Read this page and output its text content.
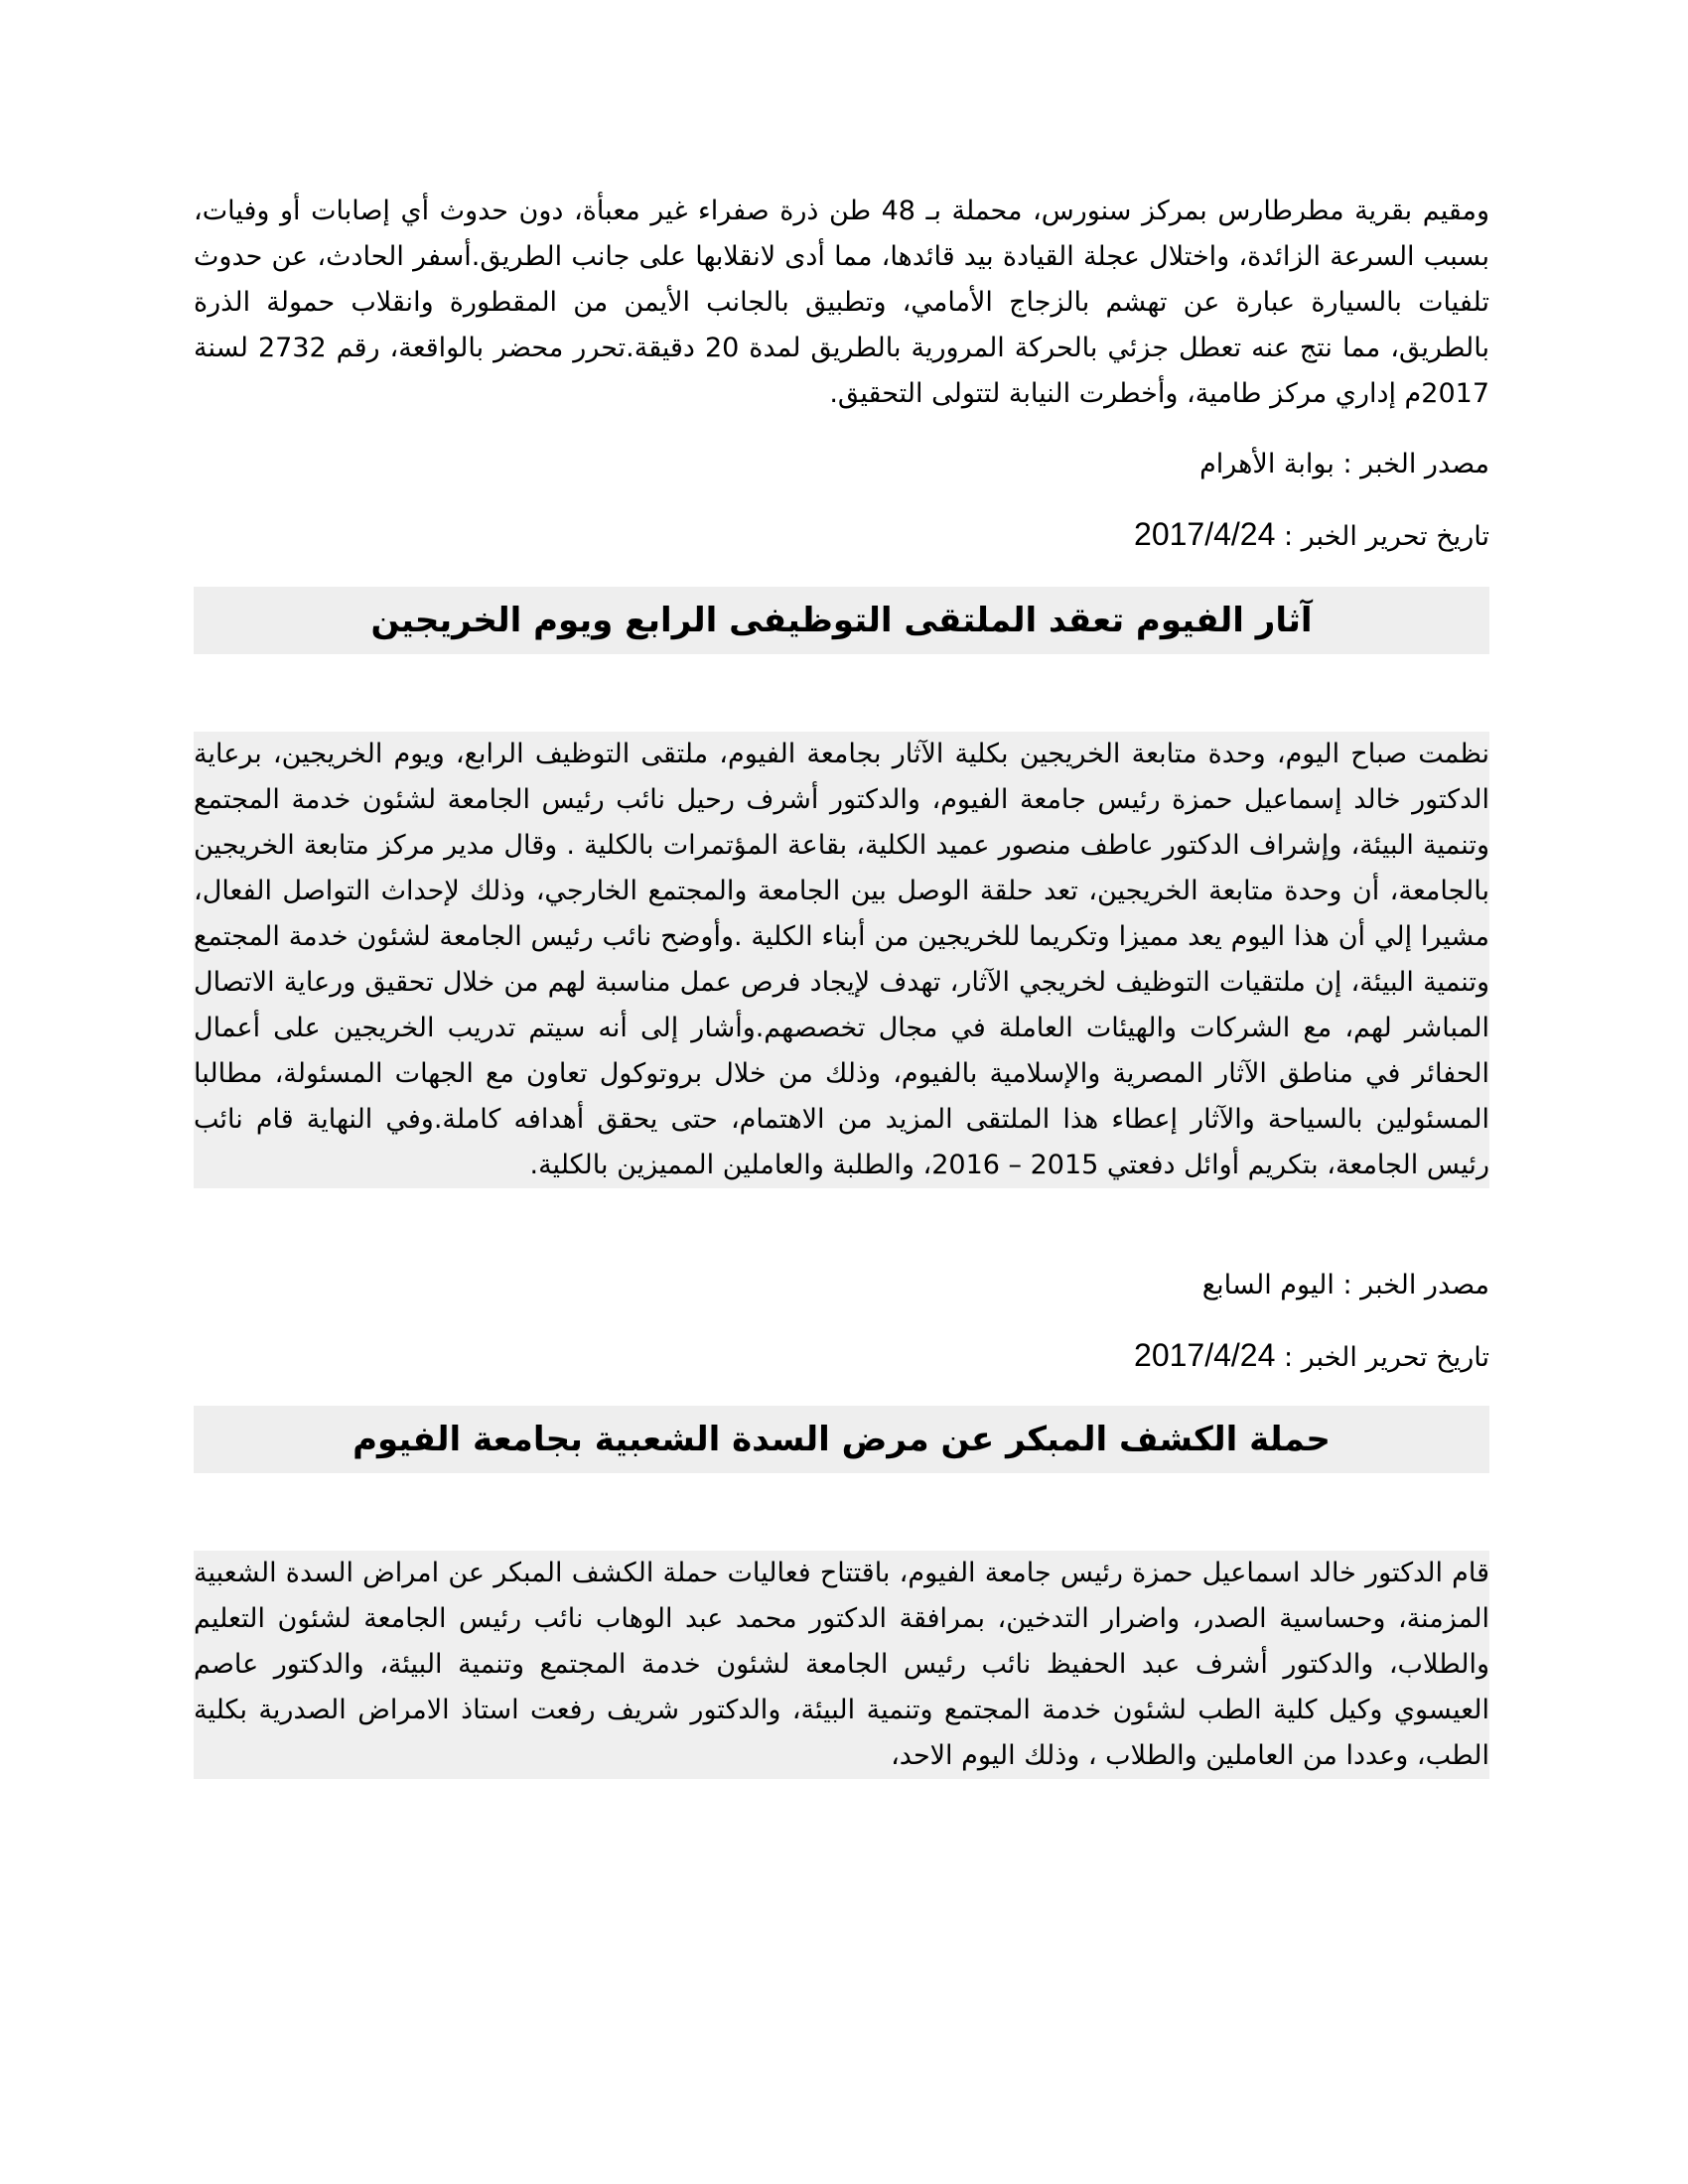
ومقيم بقرية مطرطارس بمركز سنورس، محملة بـ 48 طن ذرة صفراء غير معبأة، دون حدوث أي إصابات أو وفيات، بسبب السرعة الزائدة، واختلال عجلة القيادة بيد قائدها، مما أدى لانقلابها على جانب الطريق.أسفر الحادث، عن حدوث تلفيات بالسيارة عبارة عن تهشم بالزجاج الأمامي، وتطبيق بالجانب الأيمن من المقطورة وانقلاب حمولة الذرة بالطريق، مما نتج عنه تعطل جزئي بالحركة المرورية بالطريق لمدة 20 دقيقة.تحرر محضر بالواقعة، رقم 2732 لسنة 2017م إداري مركز طامية، وأخطرت النيابة لتتولى التحقيق.

مصدر الخبر : بوابة الأهرام

تاريخ تحرير الخبر : 2017/4/24

آثار الفيوم تعقد الملتقى التوظيفى الرابع ويوم الخريجين

نظمت صباح اليوم، وحدة متابعة الخريجين بكلية الآثار بجامعة الفيوم، ملتقى التوظيف الرابع، ويوم الخريجين، برعاية الدكتور خالد إسماعيل حمزة رئيس جامعة الفيوم، والدكتور أشرف رحيل نائب رئيس الجامعة لشئون خدمة المجتمع وتنمية البيئة، وإشراف الدكتور عاطف منصور عميد الكلية، بقاعة المؤتمرات بالكلية . وقال مدير مركز متابعة الخريجين بالجامعة، أن وحدة متابعة الخريجين، تعد حلقة الوصل بين الجامعة والمجتمع الخارجي، وذلك لإحداث التواصل الفعال، مشيرا إلي أن هذا اليوم يعد مميزا وتكريما للخريجين من أبناء الكلية .وأوضح نائب رئيس الجامعة لشئون خدمة المجتمع وتنمية البيئة، إن ملتقيات التوظيف لخريجي الآثار، تهدف لإيجاد فرص عمل مناسبة لهم من خلال تحقيق ورعاية الاتصال المباشر لهم، مع الشركات والهيئات العاملة في مجال تخصصهم.وأشار إلى أنه سيتم تدريب الخريجين على أعمال الحفائر في مناطق الآثار المصرية والإسلامية بالفيوم، وذلك من خلال بروتوكول تعاون مع الجهات المسئولة، مطالبا المسئولين بالسياحة والآثار إعطاء هذا الملتقى المزيد من الاهتمام، حتى يحقق أهدافه كاملة.وفي النهاية قام نائب رئيس الجامعة، بتكريم أوائل دفعتي 2015 – 2016، والطلبة والعاملين المميزين بالكلية.

مصدر الخبر : اليوم السابع

تاريخ تحرير الخبر : 2017/4/24

حملة الكشف المبكر عن مرض السدة الشعبية بجامعة الفيوم

قام الدكتور خالد اسماعيل حمزة رئيس جامعة الفيوم، باقتتاح فعاليات حملة الكشف المبكر عن امراض السدة الشعبية المزمنة، وحساسية الصدر، واضرار التدخين، بمرافقة الدكتور محمد عبد الوهاب نائب رئيس الجامعة لشئون التعليم والطلاب، والدكتور أشرف عبد الحفيظ نائب رئيس الجامعة لشئون خدمة المجتمع وتنمية البيئة، والدكتور عاصم العيسوي وكيل كلية الطب لشئون خدمة المجتمع وتنمية البيئة، والدكتور شريف رفعت استاذ الامراض الصدرية بكلية الطب، وعددا من العاملين والطلاب ، وذلك اليوم الاحد،
